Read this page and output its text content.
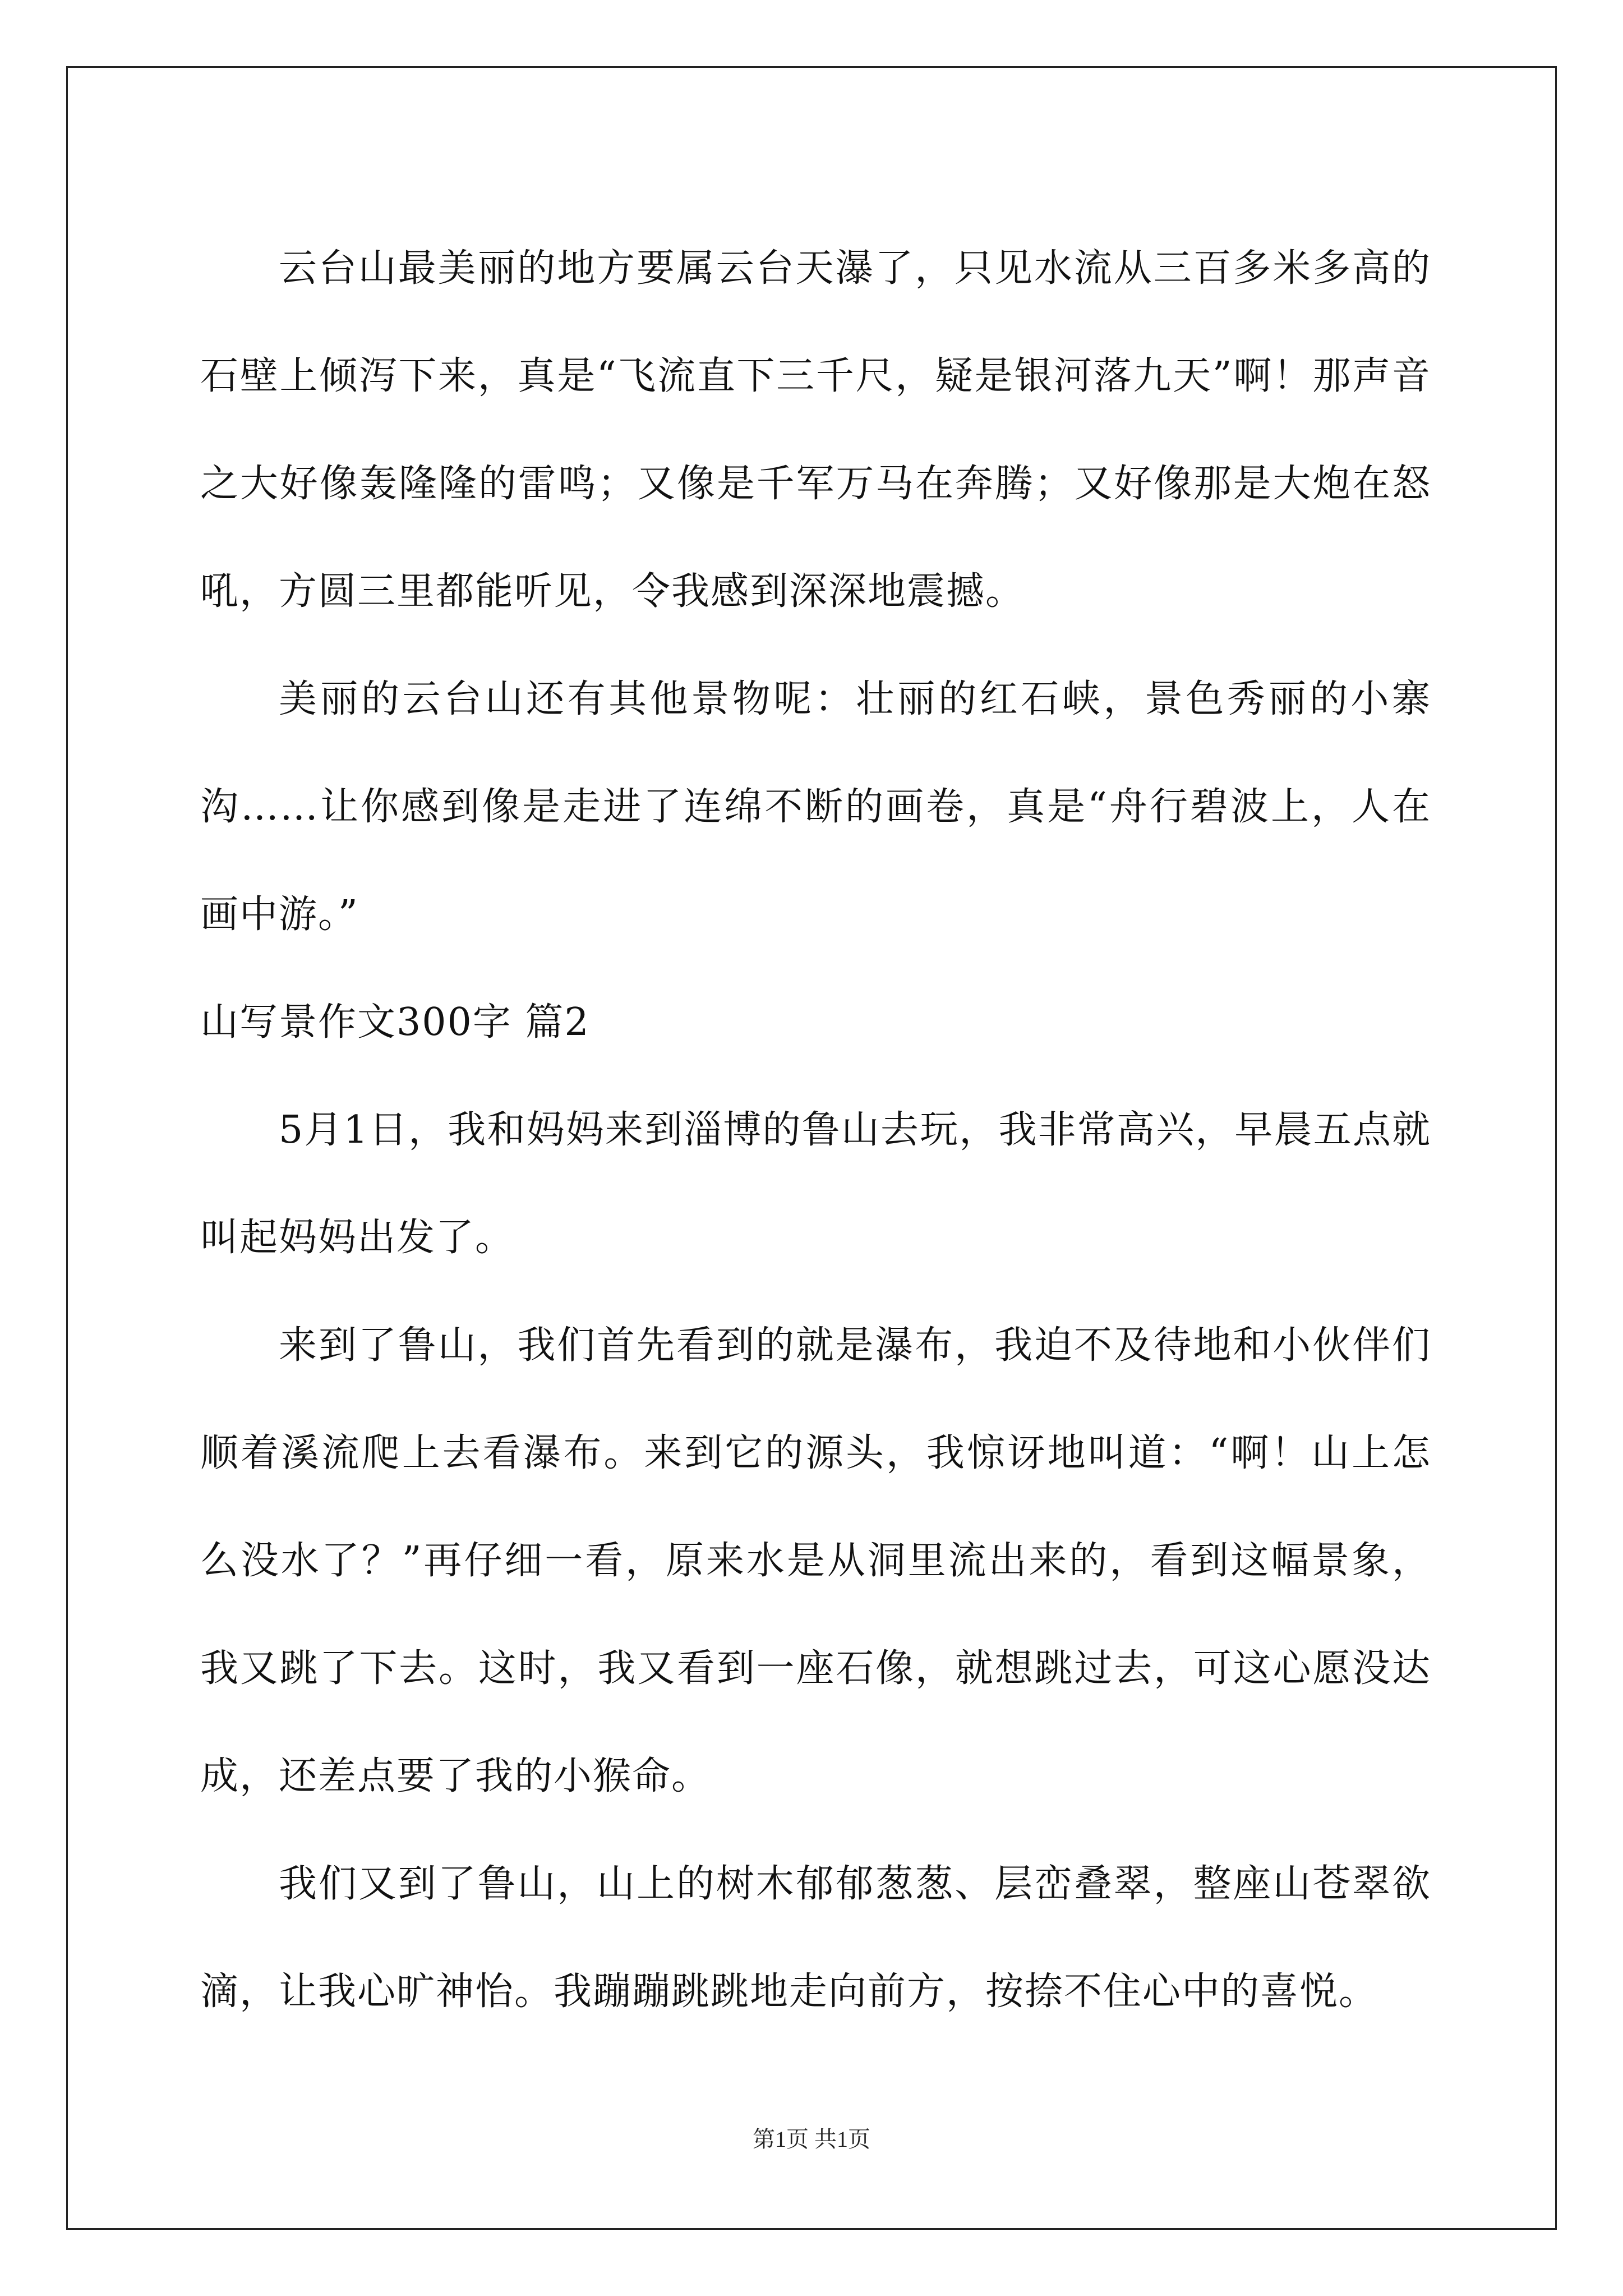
云台山最美丽的地方要属云台天瀑了，只见水流从三百多米多高的石壁上倾泻下来，真是“飞流直下三千尺，疑是银河落九天”啊！那声音之大好像轰隆隆的雷鸣；又像是千军万马在奔腾；又好像那是大炮在怒吼，方圆三里都能听见，令我感到深深地震撼。

美丽的云台山还有其他景物呢：壮丽的红石峡，景色秀丽的小寨沟……让你感到像是走进了连绵不断的画卷，真是“舟行碧波上，人在画中游。”

山写景作文300字 篇2

5月1日，我和妈妈来到淄博的鲁山去玩，我非常高兴，早晨五点就叫起妈妈出发了。

来到了鲁山，我们首先看到的就是瀑布，我迫不及待地和小伙伴们顺着溪流爬上去看瀑布。来到它的源头，我惊讶地叫道：“啊！山上怎么没水了？”再仔细一看，原来水是从洞里流出来的，看到这幅景象，我又跳了下去。这时，我又看到一座石像，就想跳过去，可这心愿没达成，还差点要了我的小猴命。

我们又到了鲁山，山上的树木郁郁葱葱、层峦叠翠，整座山苍翠欲滴，让我心旷神怡。我蹦蹦跳跳地走向前方，按捺不住心中的喜悦。

第1页 共1页
